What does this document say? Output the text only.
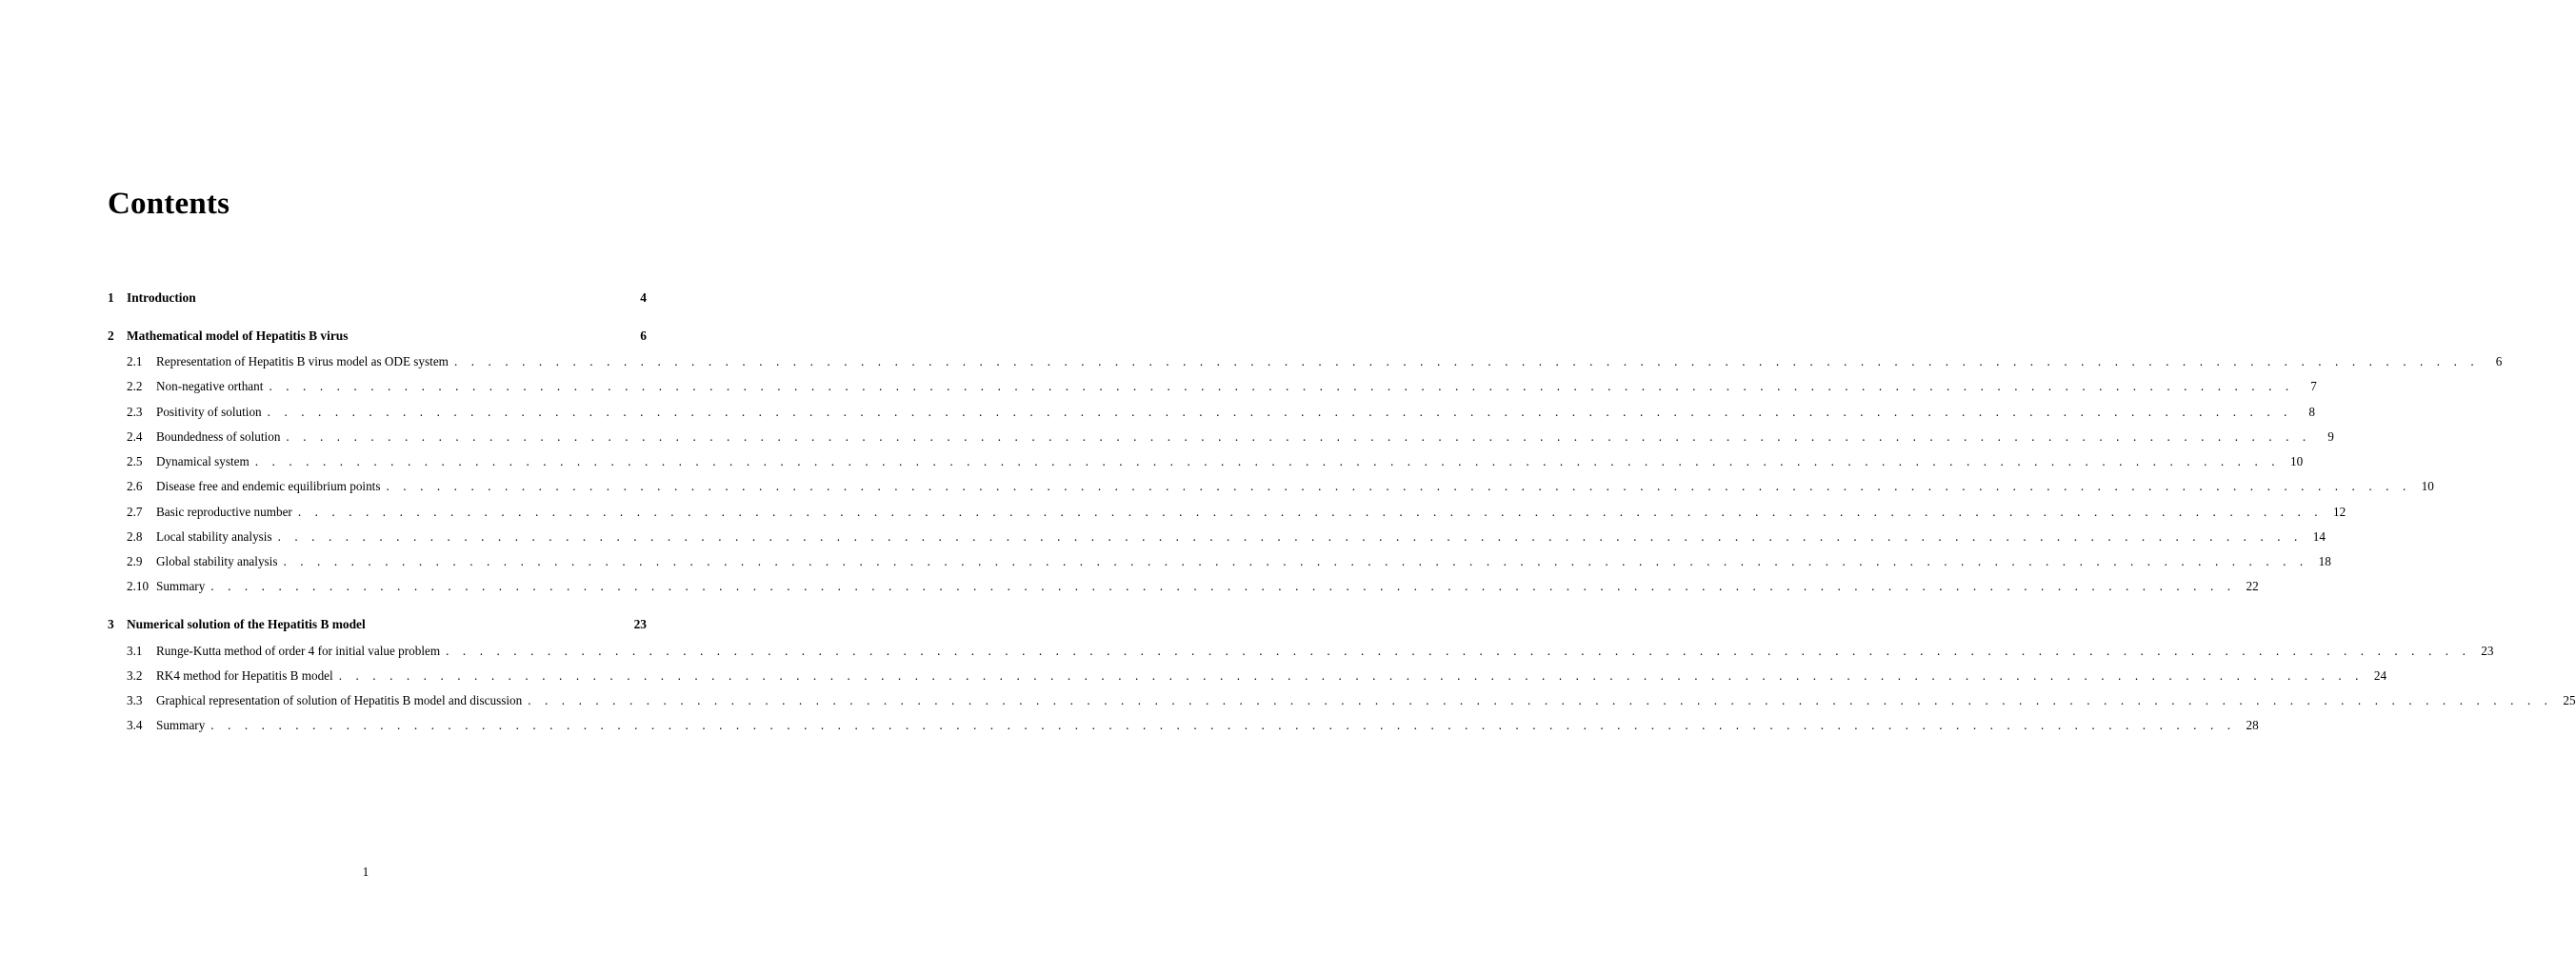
Contents
1 Introduction	4
2 Mathematical model of Hepatitis B virus	6
2.1	Representation of Hepatitis B virus model as ODE system . . . . . . . . . . . . . . . . . . . . . . . . . . . . . . . . . . . . . . . . . . . . . . . . . . . . . . . . . . . . . . . . . . . . . . . . . . . . . . . . . . . . . . . . . . . . . . . . . . . . . . . . . . . . . . . . . . . . . . . .	6
2.2	Non-negative orthant . . . . . . . . . . . . . . . . . . . . . . . . . . . . . . . . . . . . . . . . . . . . . . . . . . . . . . . . . . . . . . . . . . . . . . . . . . . . . . . . . . . . . . . . . . . . . . . . . . . . . . . . . . . . . . . . . . . . . . . .	7
2.3	Positivity of solution . . . . . . . . . . . . . . . . . . . . . . . . . . . . . . . . . . . . . . . . . . . . . . . . . . . . . . . . . . . . . . . . . . . . . . . . . . . . . . . . . . . . . . . . . . . . . . . . . . . . . . . . . . . . . . . . . . . . . . . .	8
2.4	Boundedness of solution . . . . . . . . . . . . . . . . . . . . . . . . . . . . . . . . . . . . . . . . . . . . . . . . . . . . . . . . . . . . . . . . . . . . . . . . . . . . . . . . . . . . . . . . . . . . . . . . . . . . . . . . . . . . . . . . . . . . . . . .	9
2.5	Dynamical system . . . . . . . . . . . . . . . . . . . . . . . . . . . . . . . . . . . . . . . . . . . . . . . . . . . . . . . . . . . . . . . . . . . . . . . . . . . . . . . . . . . . . . . . . . . . . . . . . . . . . . . . . . . . . . . . . . . . . . . . 10
2.6	Disease free and endemic equilibrium points . . . . . . . . . . . . . . . . . . . . . . . . . . . . . . . . . . . . . . . . . . . . . . . . . . . . . . . . . . . . . . . . . . . . . . . . . . . . . . . . . . . . . . . . . . . . . . . . . . . . . . . . . . . . . . . . . . . . . . . . 10
2.7	Basic reproductive number . . . . . . . . . . . . . . . . . . . . . . . . . . . . . . . . . . . . . . . . . . . . . . . . . . . . . . . . . . . . . . . . . . . . . . . . . . . . . . . . . . . . . . . . . . . . . . . . . . . . . . . . . . . . . . . . . . . . . . . . 12
2.8	Local stability analysis . . . . . . . . . . . . . . . . . . . . . . . . . . . . . . . . . . . . . . . . . . . . . . . . . . . . . . . . . . . . . . . . . . . . . . . . . . . . . . . . . . . . . . . . . . . . . . . . . . . . . . . . . . . . . . . . . . . . . . . . 14
2.9	Global stability analysis . . . . . . . . . . . . . . . . . . . . . . . . . . . . . . . . . . . . . . . . . . . . . . . . . . . . . . . . . . . . . . . . . . . . . . . . . . . . . . . . . . . . . . . . . . . . . . . . . . . . . . . . . . . . . . . . . . . . . . . . 18
2.10 Summary . . . . . . . . . . . . . . . . . . . . . . . . . . . . . . . . . . . . . . . . . . . . . . . . . . . . . . . . . . . . . . . . . . . . . . . . . . . . . . . . . . . . . . . . . . . . . . . . . . . . . . . . . . . . . . . . . . . . . . . . 22
3 Numerical solution of the Hepatitis B model	23
3.1	Runge-Kutta method of order 4 for initial value problem . . . . . . . . . . . . . . . . . . . . . . . . . . . . . . . . . . . . . . . . . . . . . . . . . . . . . . . . . . . . . . . . . . . . . . . . . . . . . . . . . . . . . . . . . . . . . . . . . . . . . . . . . . . . . . . . . . . . . . . . 23
3.2	RK4 method for Hepatitis B model . . . . . . . . . . . . . . . . . . . . . . . . . . . . . . . . . . . . . . . . . . . . . . . . . . . . . . . . . . . . . . . . . . . . . . . . . . . . . . . . . . . . . . . . . . . . . . . . . . . . . . . . . . . . . . . . . . . . . . . . 24
3.3	Graphical representation of solution of Hepatitis B model and discussion . . . . . . . . . . . . . . . . . . . . . . . . . . . . . . . . . . . . . . . . . . . . . . . . . . . . . . . . . . . . . . . . . . . . . . . . . . . . . . . . . . . . . . . . . . . . . . . . . . . . . . . . . . . . . . . . . . . . . . . . 25
3.4	Summary . . . . . . . . . . . . . . . . . . . . . . . . . . . . . . . . . . . . . . . . . . . . . . . . . . . . . . . . . . . . . . . . . . . . . . . . . . . . . . . . . . . . . . . . . . . . . . . . . . . . . . . . . . . . . . . . . . . . . . . . 28
1
